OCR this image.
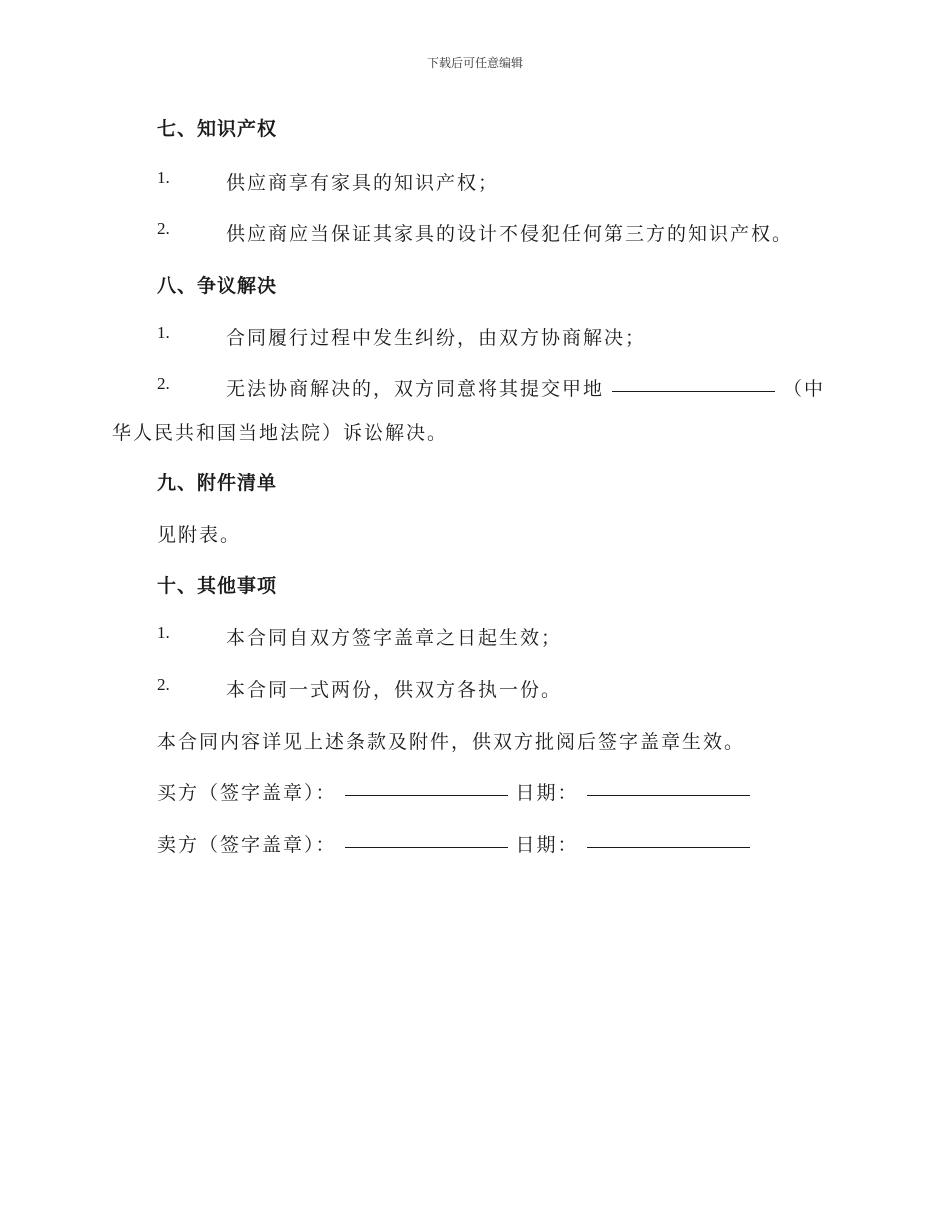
下载后可任意编辑
七、知识产权
1.	供应商享有家具的知识产权；
2.	供应商应当保证其家具的设计不侵犯任何第三方的知识产权。
八、争议解决
1.	合同履行过程中发生纠纷，由双方协商解决；
2.	无法协商解决的，双方同意将其提交甲地	（中
华人民共和国当地法院）诉讼解决。
九、附件清单
见附表。
十、其他事项
1.	本合同自双方签字盖章之日起生效；
2.	本合同一式两份，供双方各执一份。
本合同内容详见上述条款及附件，供双方批阅后签字盖章生效。
买方（签字盖章）：	日期：
卖方（签字盖章）：	日期：
